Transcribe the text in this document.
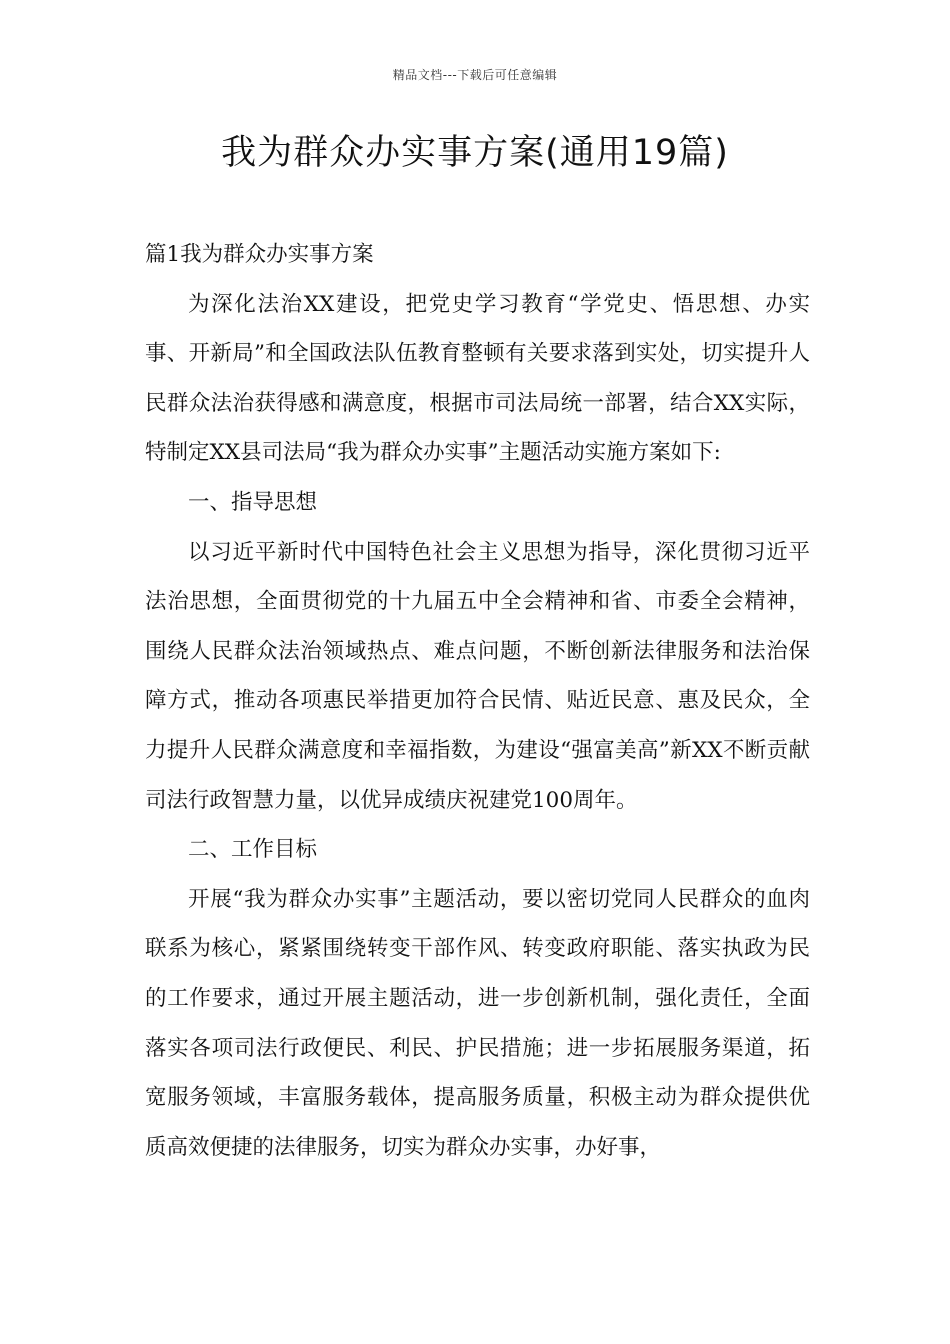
精品文档---下载后可任意编辑
我为群众办实事方案(通用19篇)

篇1我为群众办实事方案

为深化法治XX建设，把党史学习教育“学党史、悟思想、办实事、开新局”和全国政法队伍教育整顿有关要求落到实处，切实提升人民群众法治获得感和满意度，根据市司法局统一部署，结合XX实际，特制定XX县司法局“我为群众办实事”主题活动实施方案如下:

一、指导思想

以习近平新时代中国特色社会主义思想为指导，深化贯彻习近平法治思想，全面贯彻党的十九届五中全会精神和省、市委全会精神，围绕人民群众法治领域热点、难点问题，不断创新法律服务和法治保障方式，推动各项惠民举措更加符合民情、贴近民意、惠及民众，全力提升人民群众满意度和幸福指数，为建设“强富美高”新XX不断贡献司法行政智慧力量，以优异成绩庆祝建党100周年。

二、工作目标

开展“我为群众办实事”主题活动，要以密切党同人民群众的血肉联系为核心，紧紧围绕转变干部作风、转变政府职能、落实执政为民的工作要求，通过开展主题活动，进一步创新机制，强化责任，全面落实各项司法行政便民、利民、护民措施；进一步拓展服务渠道，拓宽服务领域，丰富服务载体，提高服务质量，积极主动为群众提供优质高效便捷的法律服务，切实为群众办实事，办好事，
